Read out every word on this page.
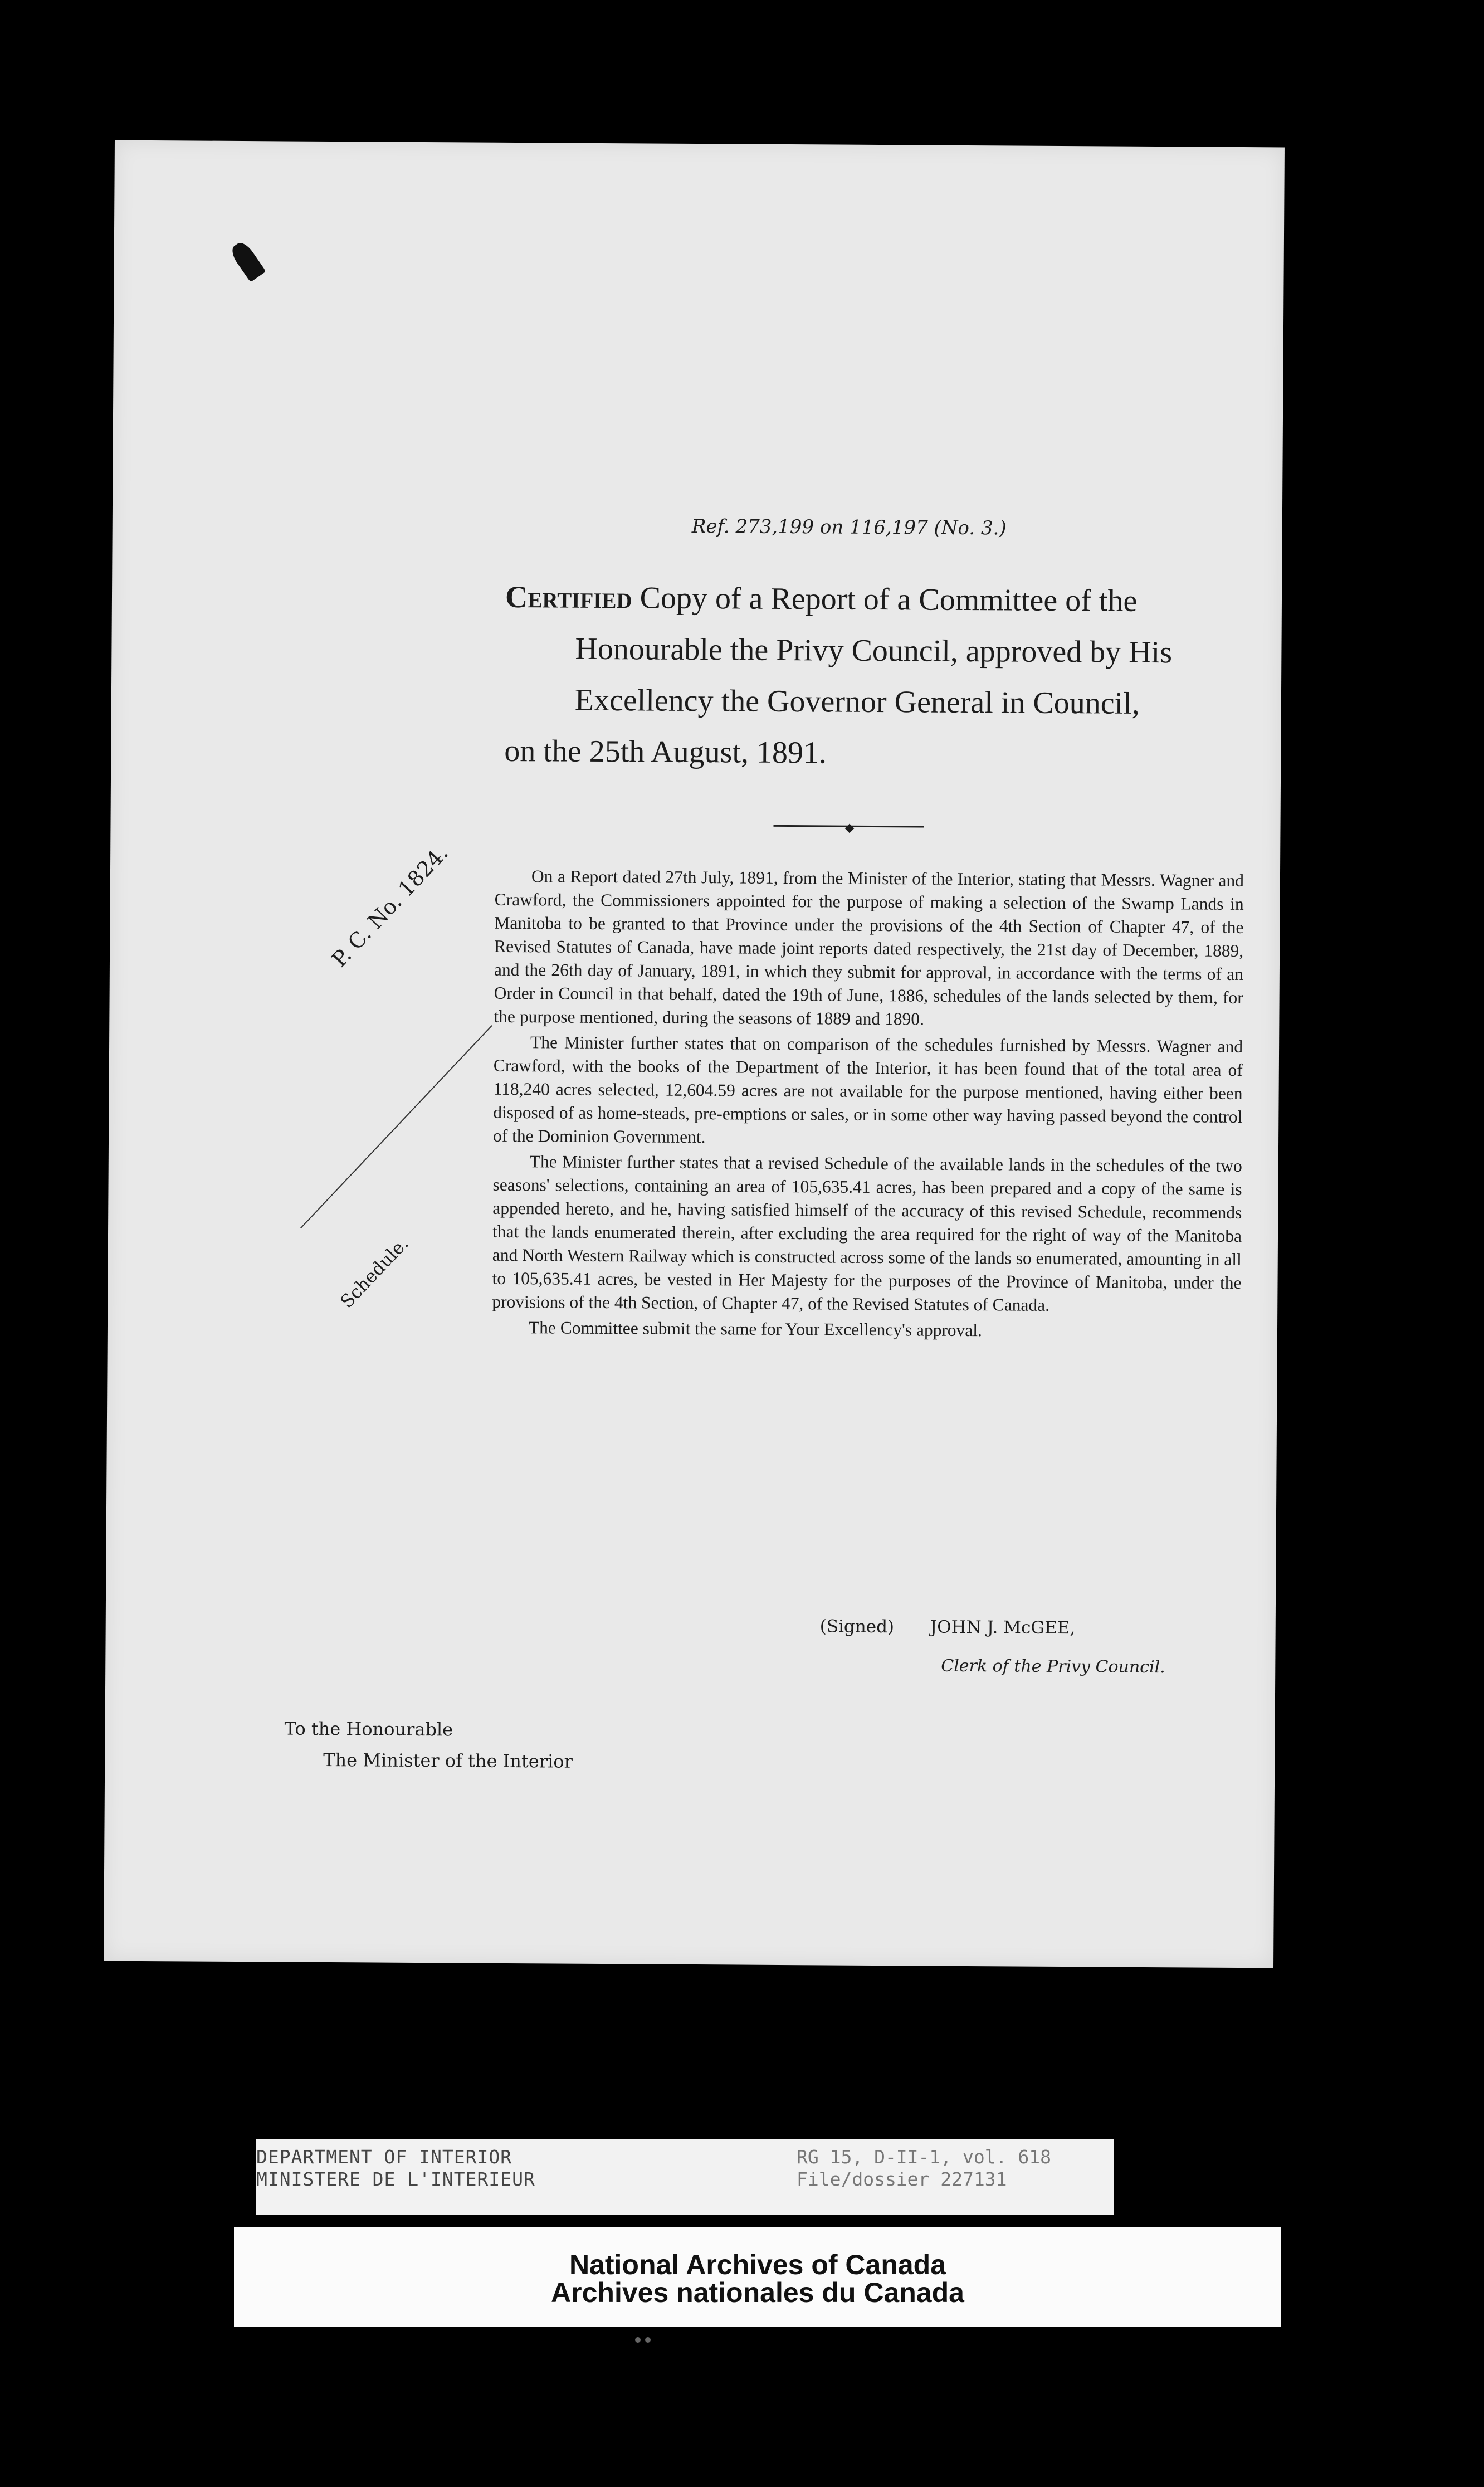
Ref. 273,199 on 116,197 (No. 3.)
Certified Copy of a Report of a Committee of the
Honourable the Privy Council, approved by His
Excellency the Governor General in Council,
on the 25th August, 1891.
◆
P. C. No. 1824.
Schedule.

On a Report dated 27th July, 1891, from the Minister of the Interior, stating that Messrs. Wagner and Crawford, the Commissioners appointed for the purpose of making a selection of the Swamp Lands in Manitoba to be granted to that Province under the provisions of the 4th Section of Chapter 47, of the Revised Statutes of Canada, have made joint reports dated respectively, the 21st day of December, 1889, and the 26th day of January, 1891, in which they submit for approval, in accordance with the terms of an Order in Council in that behalf, dated the 19th of June, 1886, schedules of the lands selected by them, for the purpose mentioned, during the seasons of 1889 and 1890.

The Minister further states that on comparison of the schedules furnished by Messrs. Wagner and Crawford, with the books of the Department of the Interior, it has been found that of the total area of 118,240 acres selected, 12,604.59 acres are not available for the purpose mentioned, having either been disposed of as home-steads, pre-emptions or sales, or in some other way having passed beyond the control of the Dominion Government.

The Minister further states that a revised Schedule of the available lands in the schedules of the two seasons' selections, containing an area of 105,635.41 acres, has been prepared and a copy of the same is appended hereto, and he, having satisfied himself of the accuracy of this revised Schedule, recommends that the lands enumerated therein, after excluding the area required for the right of way of the Manitoba and North Western Railway which is constructed across some of the lands so enumerated, amounting in all to 105,635.41 acres, be vested in Her Majesty for the purposes of the Province of Manitoba, under the provisions of the 4th Section, of Chapter 47, of the Revised Statutes of Canada.

The Committee submit the same for Your Excellency's approval.

(Signed) JOHN J. McGEE,
Clerk of the Privy Council.
To the Honourable
The Minister of the Interior
DEPARTMENT OF INTERIOR
MINISTERE DE L'INTERIEUR
RG 15, D-II-1, vol. 618
File/dossier 227131
National Archives of Canada
Archives nationales du Canada
